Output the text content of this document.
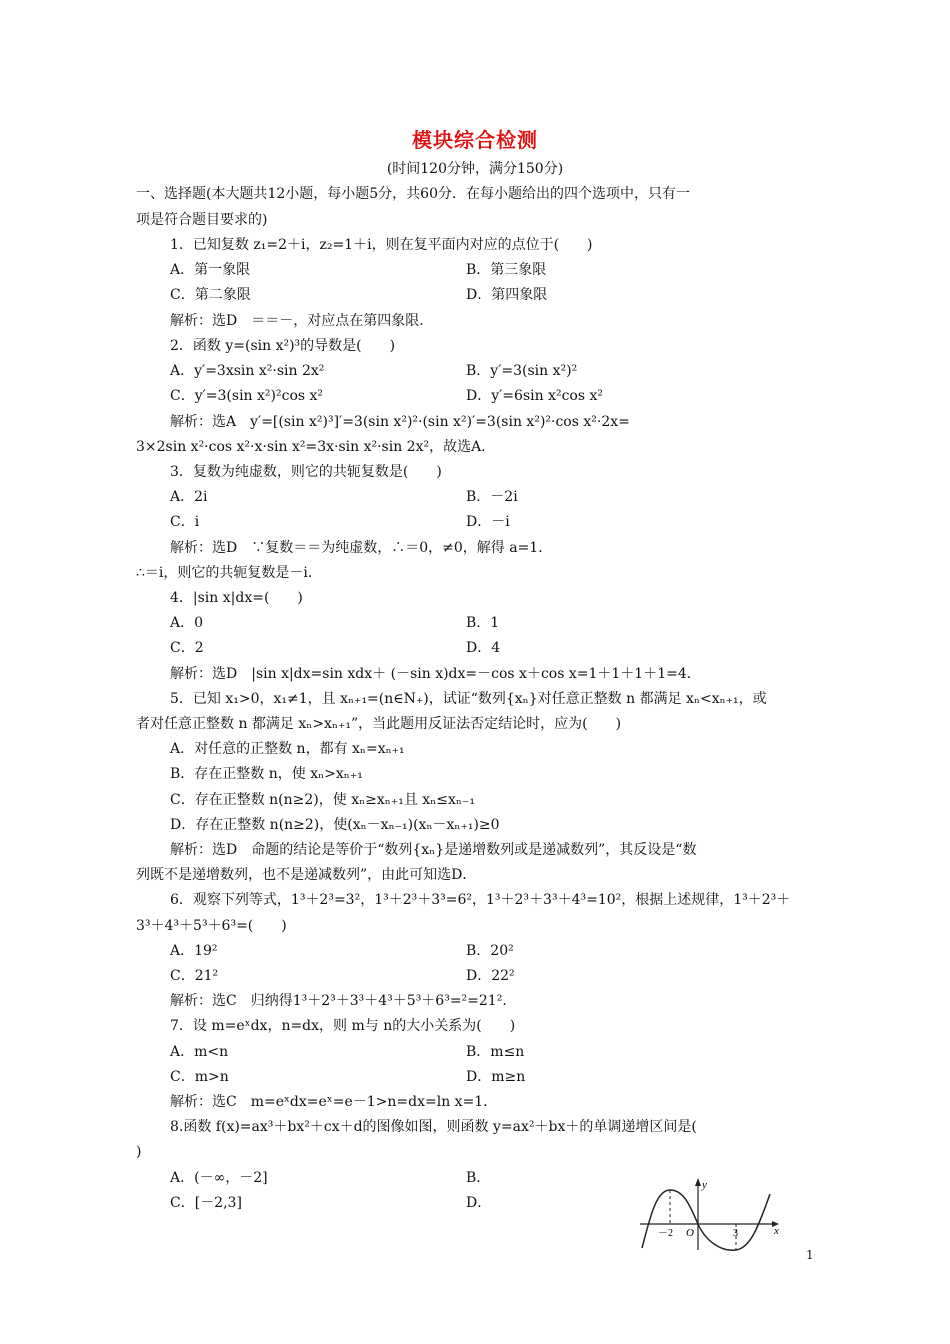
模块综合检测
(时间120分钟，满分150分)
一、选择题(本大题共12小题，每小题5分，共60分．在每小题给出的四个选项中，只有一
项是符合题目要求的)
1．已知复数 z₁=2＋i，z₂=1＋i，则在复平面内对应的点位于(　　)
A．第一象限	B．第三象限
C．第二象限	D．第四象限
解析：选D　＝＝－，对应点在第四象限．
2．函数 y=(sin x²)³的导数是(　　)
A．y′=3xsin x²·sin 2x²	B．y′=3(sin x²)²
C．y′=3(sin x²)²cos x²	D．y′=6sin x²cos x²
解析：选A　y′=[(sin x²)³]′=3(sin x²)²·(sin x²)′=3(sin x²)²·cos x²·2x=
3×2sin x²·cos x²·x·sin x²=3x·sin x²·sin 2x²，故选A．
3．复数为纯虚数，则它的共轭复数是(　　)
A．2i	B．－2i
C．i	D．－i
解析：选D　∵复数＝＝为纯虚数，∴＝0，≠0，解得 a=1．
∴＝i，则它的共轭复数是－i．
4．|sin x|dx=(　　)
A．0	B．1
C．2	D．4
解析：选D　|sin x|dx=sin xdx＋ (－sin x)dx=－cos x＋cos x=1＋1＋1＋1=4．
5．已知 x₁>0，x₁≠1，且 xₙ₊₁=(n∈N₊)，试证“数列{xₙ}对任意正整数 n 都满足 xₙ<xₙ₊₁，或
者对任意正整数 n 都满足 xₙ>xₙ₊₁”，当此题用反证法否定结论时，应为(　　)
A．对任意的正整数 n，都有 xₙ=xₙ₊₁
B．存在正整数 n，使 xₙ>xₙ₊₁
C．存在正整数 n(n≥2)，使 xₙ≥xₙ₊₁且 xₙ≤xₙ₋₁
D．存在正整数 n(n≥2)，使(xₙ－xₙ₋₁)(xₙ－xₙ₊₁)≥0
解析：选D　命题的结论是等价于“数列{xₙ}是递增数列或是递减数列”，其反设是“数
列既不是递增数列，也不是递减数列”，由此可知选D．
6．观察下列等式，1³＋2³=3²，1³＋2³＋3³=6²，1³＋2³＋3³＋4³=10²，根据上述规律，1³＋2³＋
3³＋4³＋5³＋6³=(　　)
A．19²	B．20²
C．21²	D．22²
解析：选C　归纳得1³＋2³＋3³＋4³＋5³＋6³=²=21²．
7．设 m=eˣdx，n=dx，则 m与 n的大小关系为(　　)
A．m<n	B．m≤n
C．m>n	D．m≥n
解析：选C　m=eˣdx=eˣ=e－1>n=dx=ln x=1．
8.函数 f(x)=ax³＋bx²＋cx＋d的图像如图，则函数 y=ax²＋bx＋的单调递增区间是(
)
A．(－∞，－2]	B．
C．[－2,3]	D．
y
x
O
－2	3
1
